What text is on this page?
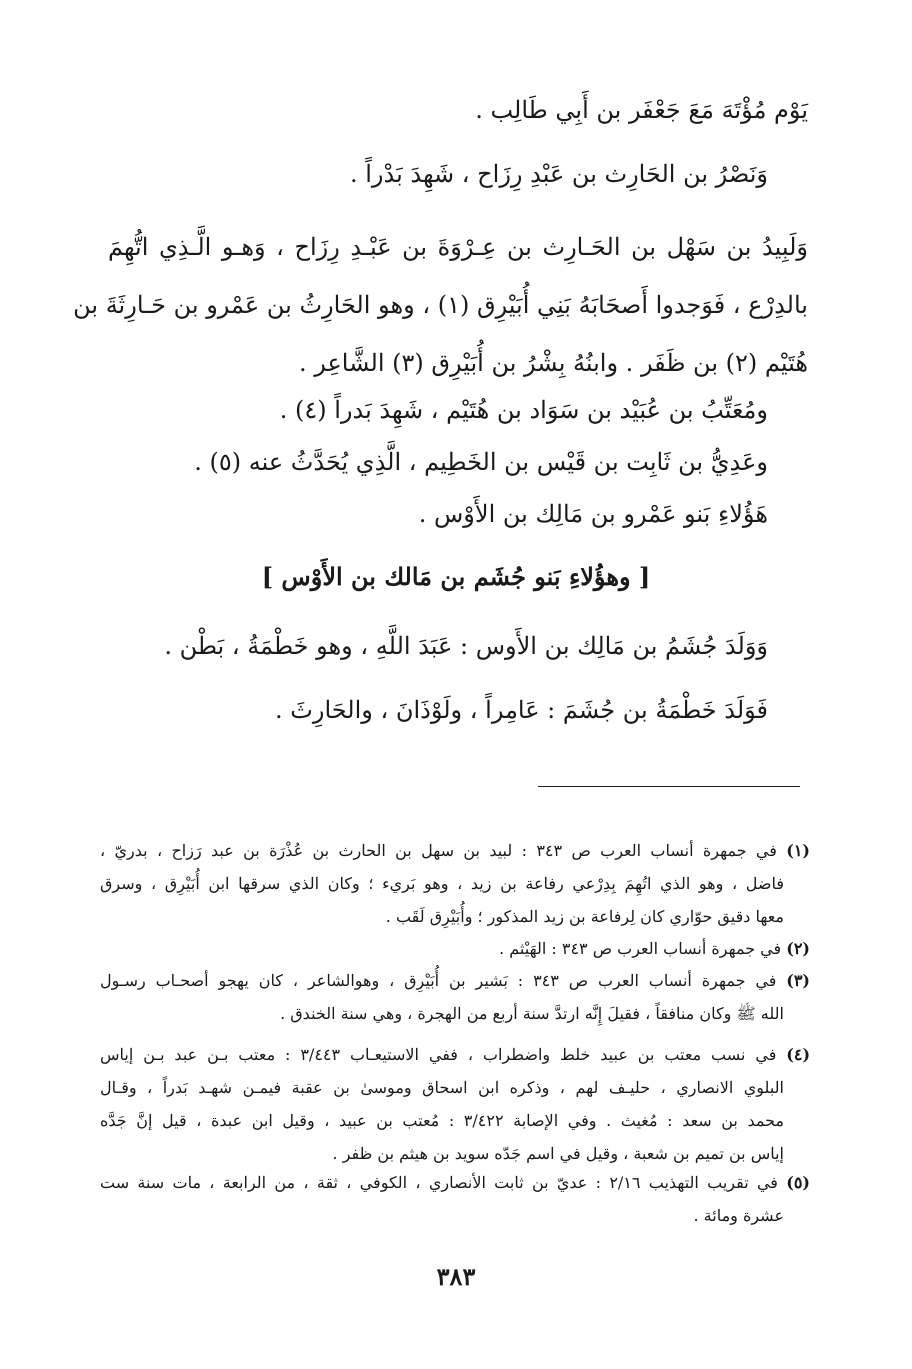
يَوْم مُؤْتَهَ مَعَ جَعْفَر بن أَبِي طَالِب .
وَنَصْرُ بن الحَارِث بن عَبْدِ رِزَاح ، شَهِدَ بَدْراً .
وَلَبِيدُ بن سَهْل بن الحَـارِث بن عِـرْوَةَ بن عَبْـدِ رِزَاح ، وَهـو الَّـذِي اتُّهِمَ
بالدِرْع ، فَوَجدوا أَصحَابَهُ بَنِي أُبَيْرِق (١) ، وهو الحَارِثُ بن عَمْرو بن حَـارِثَةَ بن
هُتَيْم (٢) بن ظَفَر . وابنُهُ بِشْرُ بن أُبَيْرِق (٣) الشَّاعِر .
ومُعَتِّبُ بن عُبَيْد بن سَوَاد بن هُتَيْم ، شَهِدَ بَدراً (٤) .
وعَدِيُّ بن ثَابِت بن قَيْس بن الخَطِيم ، الَّذِي يُحَدَّثُ عنه (٥) .
هَؤُلاءِ بَنو عَمْرو بن مَالِك بن الأَوْس .
[ وهؤُلاءِ بَنو جُشَم بن مَالك بن الأَوْس ]
وَوَلَدَ جُشَمُ بن مَالِك بن الأَوس : عَبَدَ اللَّهِ ، وهو خَطْمَةُ ، بَطْن .
فَوَلَدَ خَطْمَةُ بن جُشَمَ : عَامِراً ، ولَوْذَانَ ، والحَارِثَ .
(١) في جمهرة أنساب العرب ص ٣٤٣ : لبيد بن سهل بن الحارث بن عُذْرَة بن عبد رَزاح ، بدريّ ،
فاضل ، وهو الذي اتُهِمَ بِدِرْعي رفاعة بن زيد ، وهو بَريء ؛ وكان الذي سرقها ابن أُبَيْرِق ، وسرق
معها دقيق حوّاري كان لِرفاعة بن زيد المذكور ؛ وأُبَيْرِق لَقَب .
(٢) في جمهرة أنساب العرب ص ٣٤٣ : الهَيْثم .
(٣) في جمهرة أنساب العرب ص ٣٤٣ : بَشير بن أُبَيْرِق ، وهوالشاعر ، كان يهجو أصحـاب رسـول
الله ﷺ وكان منافقاً ، فقيلَ إِنَّه ارتدَّ سنة أربع من الهجرة ، وهي سنة الخندق .
(٤) في نسب معتب بن عبيد خلط واضطراب ، ففي الاستيعـاب ٣/٤٤٣ : معتب بـن عبد بـن إياس
البلوي الانصاري ، حليـف لهم ، وذكره ابن اسحاق وموسىٰ بن عقبة فيمـن شهـد بَدراً ، وقـال
محمد بن سعد : مُغيث . وفي الإصابة ٣/٤٢٢ : مُعتب بن عبيد ، وقيل ابن عبدة ، قيل إنَّ جَدَّه
إياس بن تميم بن شعبة ، وقيل في اسم جَدّه سويد بن هيثم بن ظفر .
(٥) في تقريب التهذيب ٢/١٦ : عديّ بن ثابت الأنصاري ، الكوفي ، ثقة ، من الرابعة ، مات سنة ست
عشرة ومائة .
٣٨٣
